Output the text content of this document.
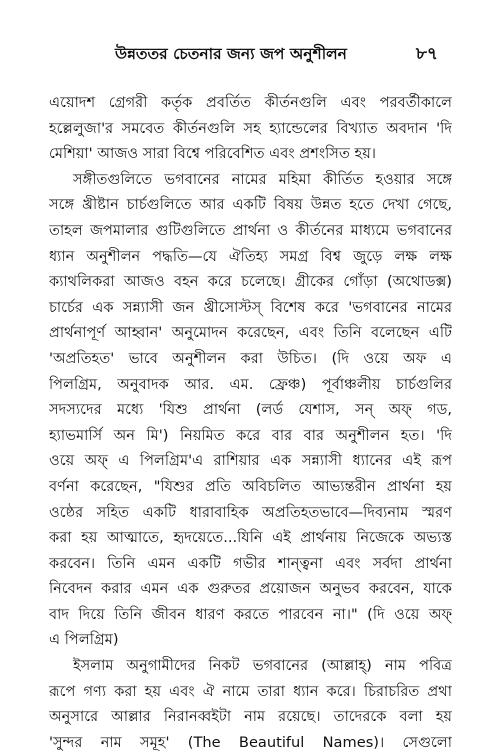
উন্নততর চেতনার জন্য জপ অনুশীলন	৮৭
এয়োদশ গ্রেগরী কর্তৃক প্রবর্তিত কীর্তনগুলি এবং পরবর্তীকালে
হল্লেলুজা'র সমবেত কীর্তনগুলি সহ হ্যান্ডেলের বিখ্যাত অবদান 'দি
মেশিয়া' আজও সারা বিশ্বে পরিবেশিত এবং প্রশংসিত হয়।
সঙ্গীতগুলিতে ভগবানের নামের মহিমা কীর্তিত হওয়ার সঙ্গে
সঙ্গে খ্রীষ্টান চার্চগুলিতে আর একটি বিষয় উন্নত হতে দেখা গেছে,
তাহল জপমালার গুটিগুলিতে প্রার্থনা ও কীর্তনের মাধ্যমে ভগবানের
ধ্যান অনুশীলন পদ্ধতি—যে ঐতিহ্য সমগ্র বিশ্ব জুড়ে লক্ষ লক্ষ
ক্যাথলিকরা আজও বহন করে চলেছে। গ্রীকের গোঁড়া (অথোডক্স)
চার্চের এক সন্ন্যাসী জন খ্রীসোস্টস্ বিশেষ করে 'ভগবানের নামের
প্রার্থনাপূর্ণ আহ্বান' অনুমোদন করেছেন, এবং তিনি বলেছেন এটি
'অপ্রতিহত' ভাবে অনুশীলন করা উচিত। (দি ওয়ে অফ এ
পিলগ্রিম, অনুবাদক আর. এম. ফ্রেঞ্চ) পূর্বাঞ্চলীয় চার্চগুলির
সদস্যদের মধ্যে 'যিশু প্রার্থনা (লর্ড যেশাস, সন্ অফ্ গড,
হ্যাভমার্সি অন মি') নিয়মিত করে বার বার অনুশীলন হত। 'দি
ওয়ে অফ্ এ পিলগ্রিম'এ রাশিয়ার এক সন্ন্যাসী ধ্যানের এই রূপ
বর্ণনা করেছেন, "যিশুর প্রতি অবিচলিত আভ্যন্তরীন প্রার্থনা হয়
ওষ্ঠের সহিত একটি ধারাবাহিক অপ্রতিহতভাবে—দিব্যনাম স্মরণ
করা হয় আত্মাতে, হৃদয়েতে...যিনি এই প্রার্থনায় নিজেকে অভ্যস্ত
করবেন। তিনি এমন একটি গভীর শান্ত্বনা এবং সর্বদা প্রার্থনা
নিবেদন করার এমন এক গুরুতর প্রয়োজন অনুভব করবেন, যাকে
বাদ দিয়ে তিনি জীবন ধারণ করতে পারবেন না।" (দি ওয়ে অফ্
এ পিলগ্রিম)
ইসলাম অনুগামীদের নিকট ভগবানের (আল্লাহ্) নাম পবিত্র
রূপে গণ্য করা হয় এবং ঐ নামে তারা ধ্যান করে। চিরাচরিত প্রথা
অনুসারে আল্লার নিরানব্বইটা নাম রয়েছে। তাদেরকে বলা হয়
'সুন্দর নাম সমূহ' (The Beautiful Names)। সেগুলো
